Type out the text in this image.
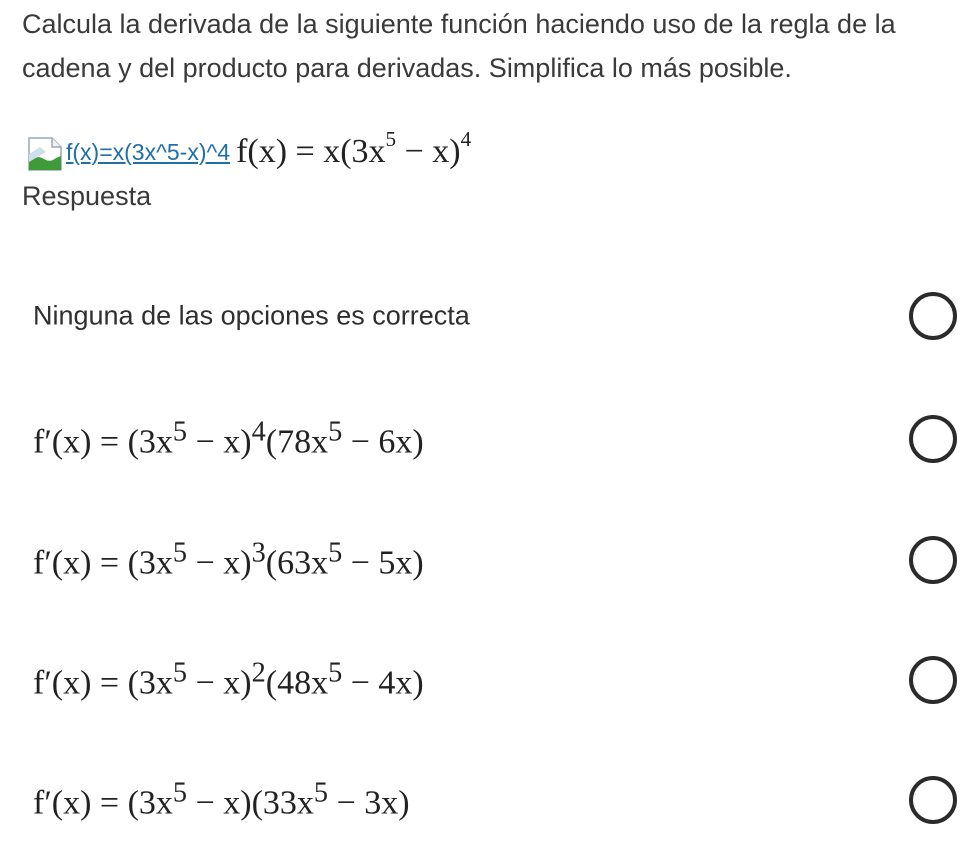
Calcula la derivada de la siguiente función haciendo uso de la regla de la cadena y del producto para derivadas. Simplifica lo más posible.
f(x)=x(3x^5-x)^4 $f(x) = x(3x^5 - x)^4$
Respuesta
Ninguna de las opciones es correcta
$f'(x) = (3x^5 - x)^4(78x^5 - 6x)$
$f'(x) = (3x^5 - x)^3(63x^5 - 5x)$
$f'(x) = (3x^5 - x)^2(48x^5 - 4x)$
$f'(x) = (3x^5 - x)(33x^5 - 3x)$
